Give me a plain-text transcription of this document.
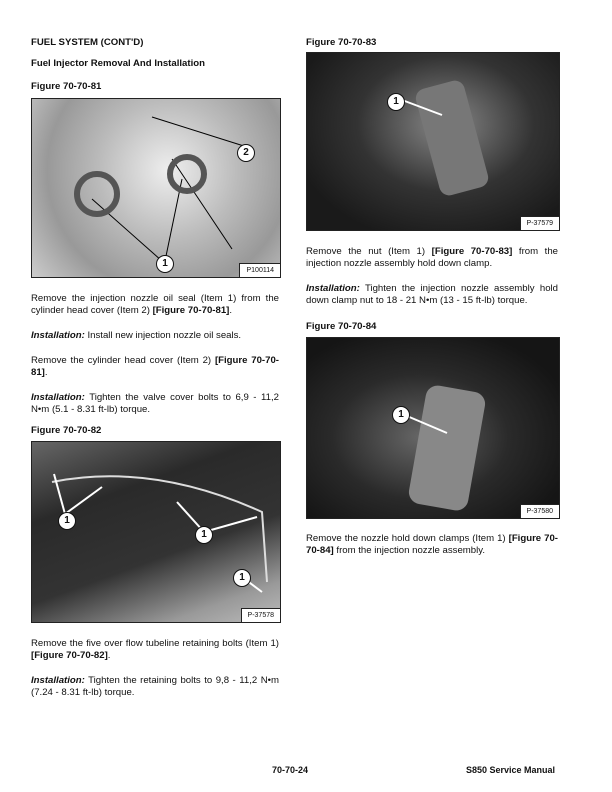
FUEL SYSTEM (CONT'D)
Fuel Injector Removal And Installation
Figure 70-70-81
1
2
P100114
Remove the injection nozzle oil seal (Item 1) from the cylinder head cover (Item 2) [Figure 70-70-81].
Installation: Install new injection nozzle oil seals.
Remove the cylinder head cover (Item 2) [Figure 70-70-81].
Installation: Tighten the valve cover bolts to 6,9 - 11,2 N•m (5.1 - 8.31 ft-lb) torque.
Figure 70-70-82
1
1
1
P-37578
Remove the five over flow tubeline retaining bolts (Item 1) [Figure 70-70-82].
Installation: Tighten the retaining bolts to 9,8 - 11,2 N•m (7.24 - 8.31 ft-lb) torque.
Figure 70-70-83
1
P-37579
Remove the nut (Item 1) [Figure 70-70-83] from the injection nozzle assembly hold down clamp.
Installation: Tighten the injection nozzle assembly hold down clamp nut to 18 - 21 N•m (13 - 15 ft-lb) torque.
Figure 70-70-84
1
P-37580
Remove the nozzle hold down clamps (Item 1) [Figure 70-70-84] from the injection nozzle assembly.
70-70-24	S850 Service Manual
